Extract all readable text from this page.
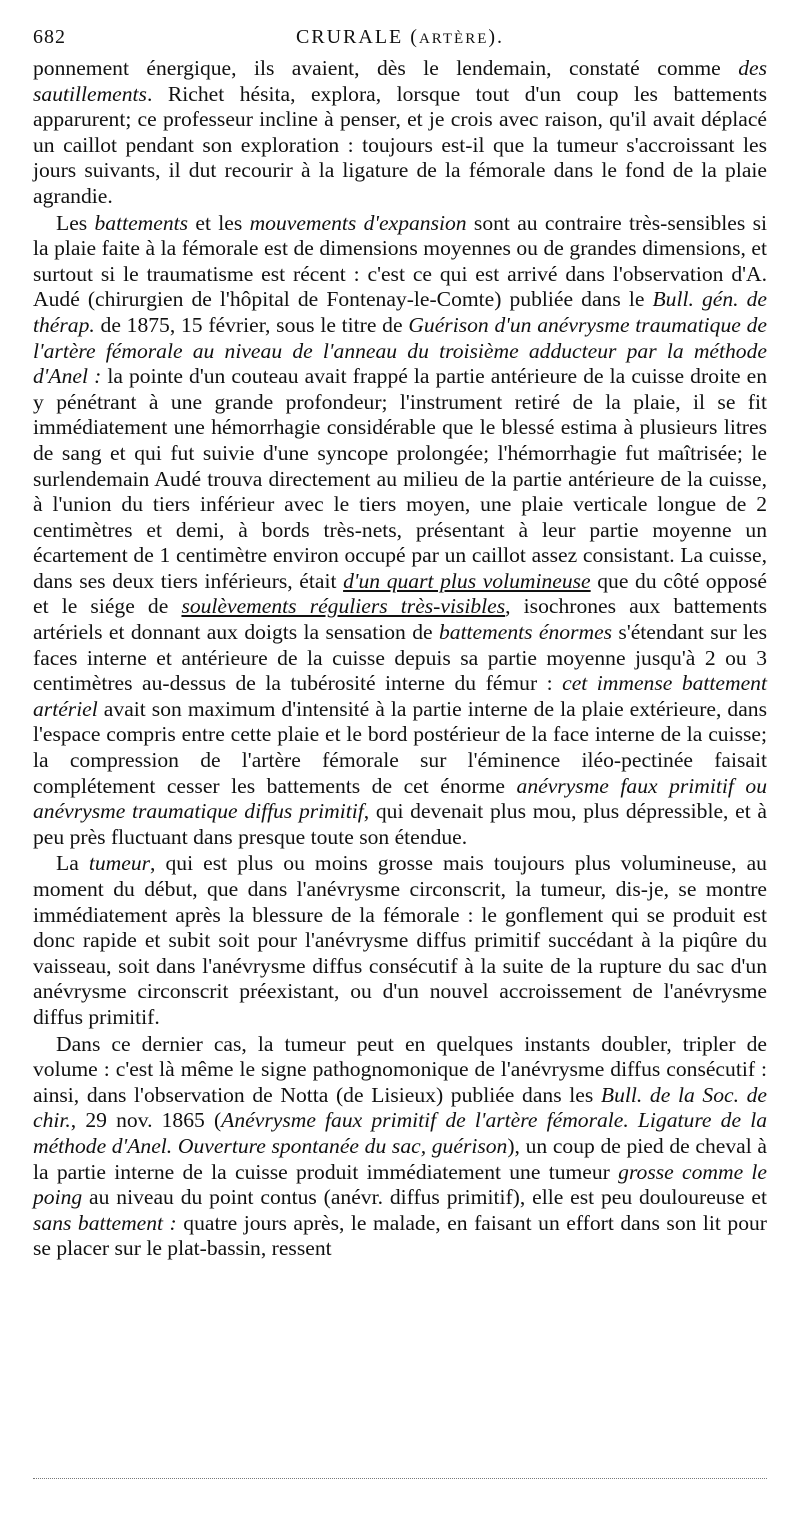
682	CRURALE (ARTÈRE).

ponnement énergique, ils avaient, dès le lendemain, constaté comme des sautillements. Richet hésita, explora, lorsque tout d'un coup les battements apparurent; ce professeur incline à penser, et je crois avec raison, qu'il avait déplacé un caillot pendant son exploration : toujours est-il que la tumeur s'accroissant les jours suivants, il dut recourir à la ligature de la fémorale dans le fond de la plaie agrandie.

Les battements et les mouvements d'expansion sont au contraire très-sensibles si la plaie faite à la fémorale est de dimensions moyennes ou de grandes dimensions, et surtout si le traumatisme est récent : c'est ce qui est arrivé dans l'observation d'A. Audé (chirurgien de l'hôpital de Fontenay-le-Comte) publiée dans le Bull. gén. de thérap. de 1875, 15 février, sous le titre de Guérison d'un anévrysme traumatique de l'artère fémorale au niveau de l'anneau du troisième adducteur par la méthode d'Anel : la pointe d'un couteau avait frappé la partie antérieure de la cuisse droite en y pénétrant à une grande profondeur; l'instrument retiré de la plaie, il se fit immédiatement une hémorrhagie considérable que le blessé estima à plusieurs litres de sang et qui fut suivie d'une syncope prolongée; l'hémorrhagie fut maîtrisée; le surlendemain Audé trouva directement au milieu de la partie antérieure de la cuisse, à l'union du tiers inférieur avec le tiers moyen, une plaie verticale longue de 2 centimètres et demi, à bords très-nets, présentant à leur partie moyenne un écartement de 1 centimètre environ occupé par un caillot assez consistant. La cuisse, dans ses deux tiers inférieurs, était d'un quart plus volumineuse que du côté opposé et le siége de soulèvements réguliers très-visibles, isochrones aux battements artériels et donnant aux doigts la sensation de battements énormes s'étendant sur les faces interne et antérieure de la cuisse depuis sa partie moyenne jusqu'à 2 ou 3 centimètres au-dessus de la tubérosité interne du fémur : cet immense battement artériel avait son maximum d'intensité à la partie interne de la plaie extérieure, dans l'espace compris entre cette plaie et le bord postérieur de la face interne de la cuisse; la compression de l'artère fémorale sur l'éminence iléo-pectinée faisait complétement cesser les battements de cet énorme anévrysme faux primitif ou anévrysme traumatique diffus primitif, qui devenait plus mou, plus dépressible, et à peu près fluctuant dans presque toute son étendue.

La tumeur, qui est plus ou moins grosse mais toujours plus volumineuse, au moment du début, que dans l'anévrysme circonscrit, la tumeur, dis-je, se montre immédiatement après la blessure de la fémorale : le gonflement qui se produit est donc rapide et subit soit pour l'anévrysme diffus primitif succédant à la piqûre du vaisseau, soit dans l'anévrysme diffus consécutif à la suite de la rupture du sac d'un anévrysme circonscrit préexistant, ou d'un nouvel accroissement de l'anévrysme diffus primitif.

Dans ce dernier cas, la tumeur peut en quelques instants doubler, tripler de volume : c'est là même le signe pathognomonique de l'anévrysme diffus consécutif : ainsi, dans l'observation de Notta (de Lisieux) publiée dans les Bull. de la Soc. de chir., 29 nov. 1865 (Anévrysme faux primitif de l'artère fémorale. Ligature de la méthode d'Anel. Ouverture spontanée du sac, guérison), un coup de pied de cheval à la partie interne de la cuisse produit immédiatement une tumeur grosse comme le poing au niveau du point contus (anévr. diffus primitif), elle est peu douloureuse et sans battement : quatre jours après, le malade, en faisant un effort dans son lit pour se placer sur le plat-bassin, ressent
